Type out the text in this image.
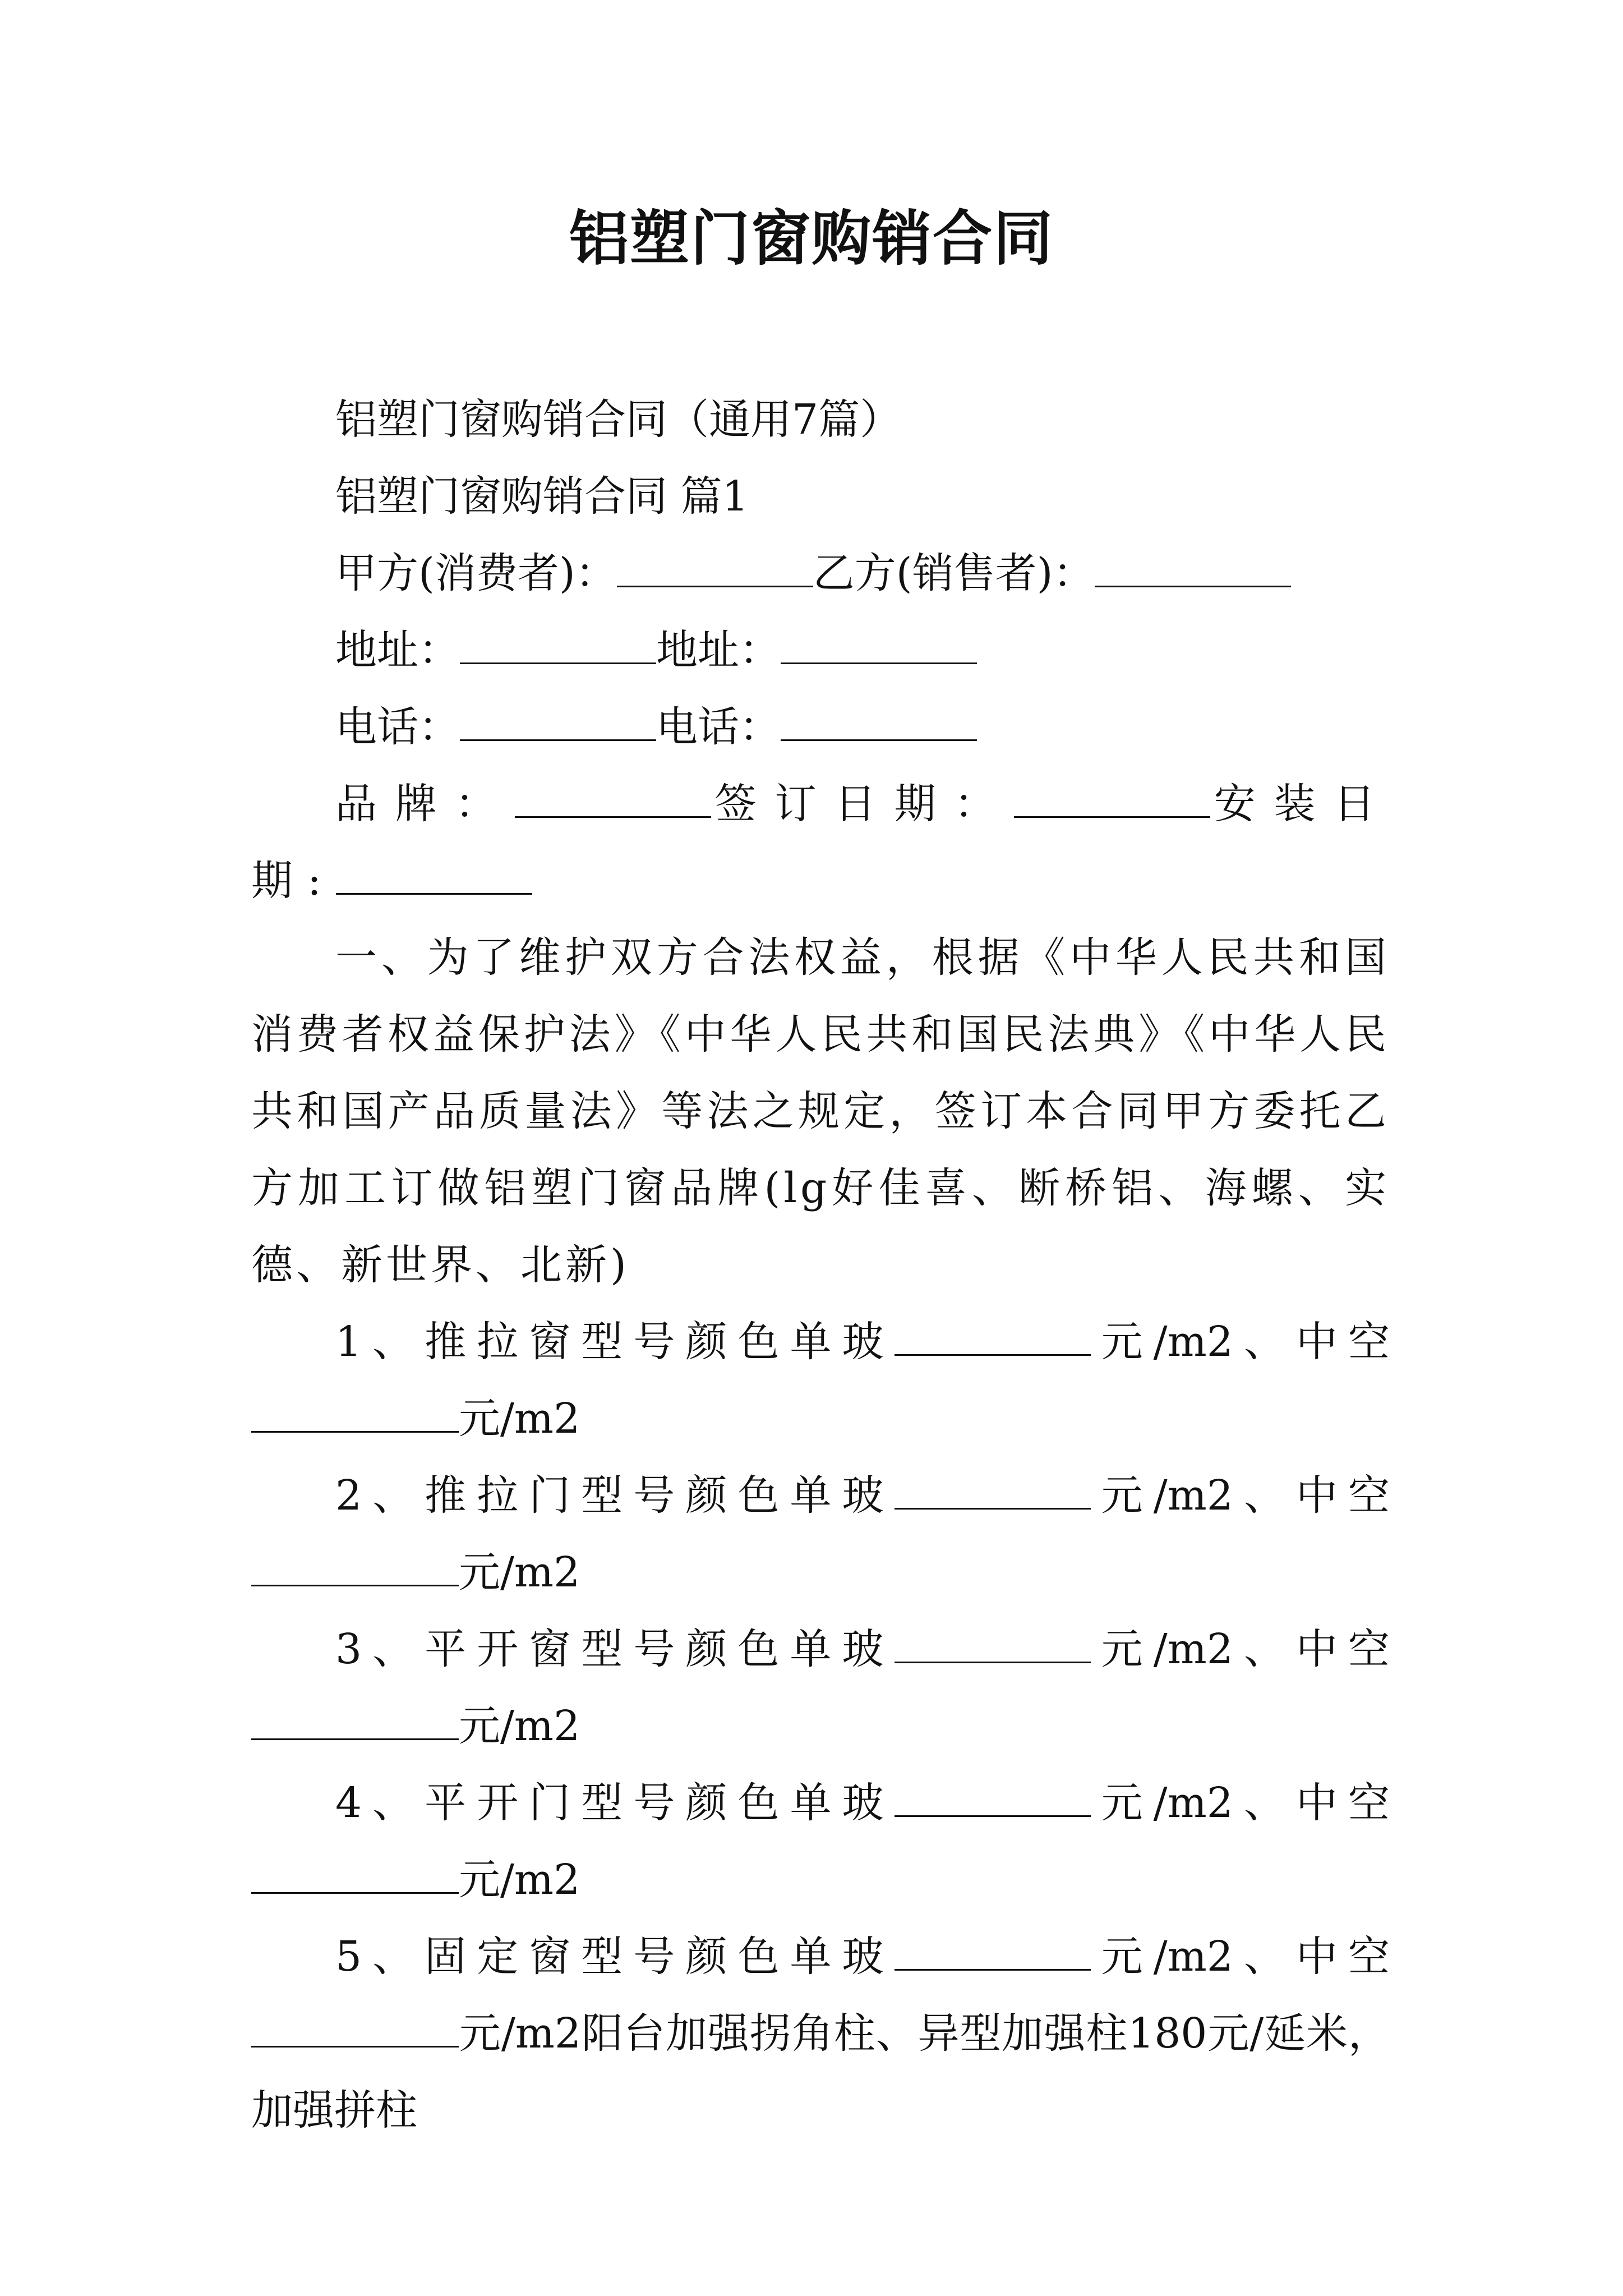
铝塑门窗购销合同

铝塑门窗购销合同（通用7篇）

铝塑门窗购销合同 篇1

甲方(消费者)：	乙方(销售者)：

地址：	地址：

电话：	电话：

品牌：	签订日期：	安装日期:

一、为了维护双方合法权益，根据《中华人民共和国消费者权益保护法》《中华人民共和国民法典》《中华人民共和国产品质量法》等法之规定，签订本合同甲方委托乙方加工订做铝塑门窗品牌(lg好佳喜、断桥铝、海螺、实德、新世界、北新)

1、推拉窗型号颜色单玻	元/m2、中空元/m2

2、推拉门型号颜色单玻	元/m2、中空元/m2

3、平开窗型号颜色单玻	元/m2、中空元/m2

4、平开门型号颜色单玻	元/m2、中空元/m2

5、固定窗型号颜色单玻	元/m2、中空元/m2阳台加强拐角柱、异型加强柱180元/延米，加强拼柱
